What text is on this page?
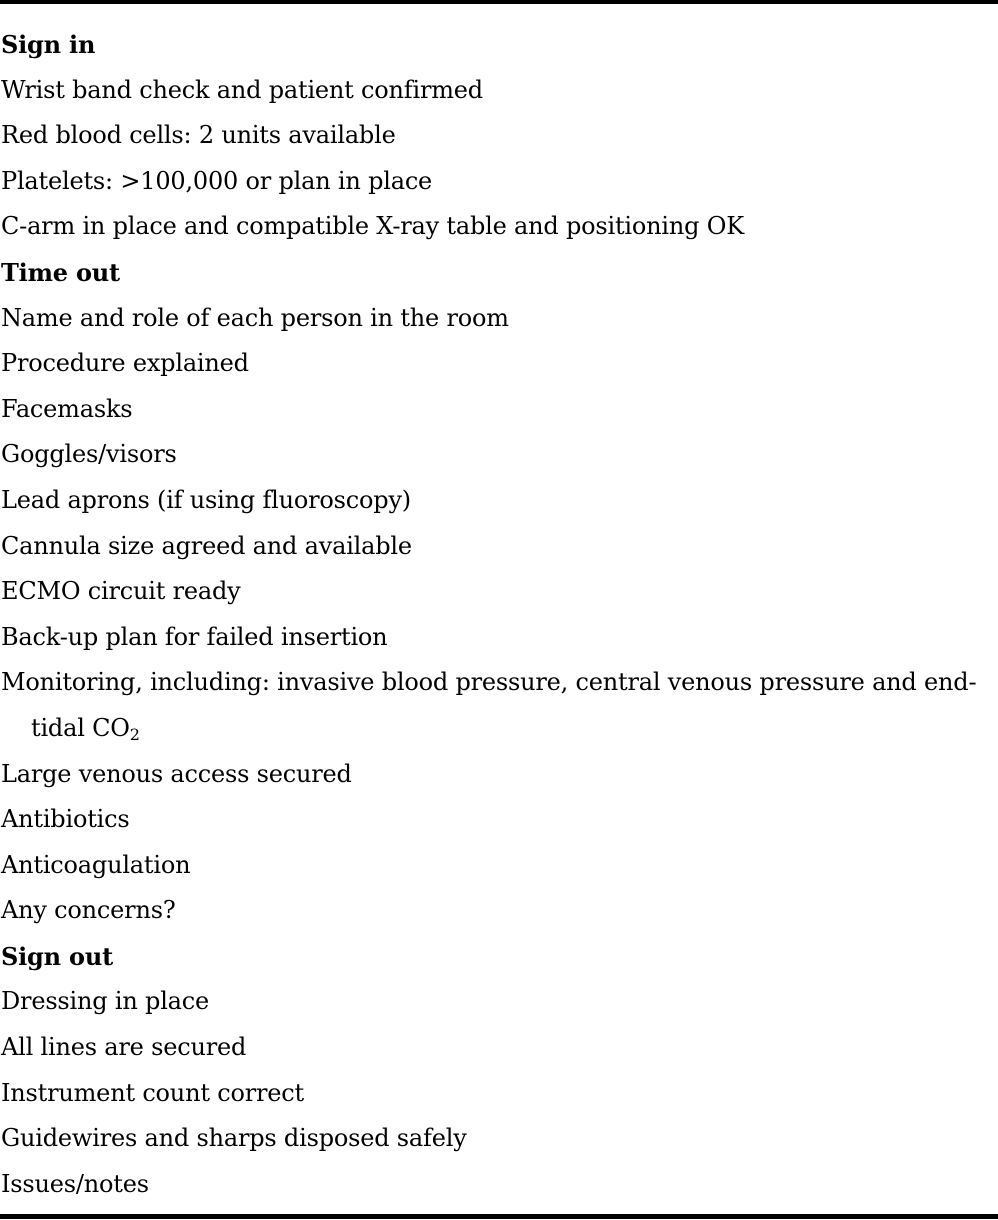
Sign in
Wrist band check and patient confirmed
Red blood cells: 2 units available
Platelets: >100,000 or plan in place
C-arm in place and compatible X-ray table and positioning OK
Time out
Name and role of each person in the room
Procedure explained
Facemasks
Goggles/visors
Lead aprons (if using fluoroscopy)
Cannula size agreed and available
ECMO circuit ready
Back-up plan for failed insertion
Monitoring, including: invasive blood pressure, central venous pressure and end-tidal $CO_2$
Large venous access secured
Antibiotics
Anticoagulation
Any concerns?
Sign out
Dressing in place
All lines are secured
Instrument count correct
Guidewires and sharps disposed safely
Issues/notes
